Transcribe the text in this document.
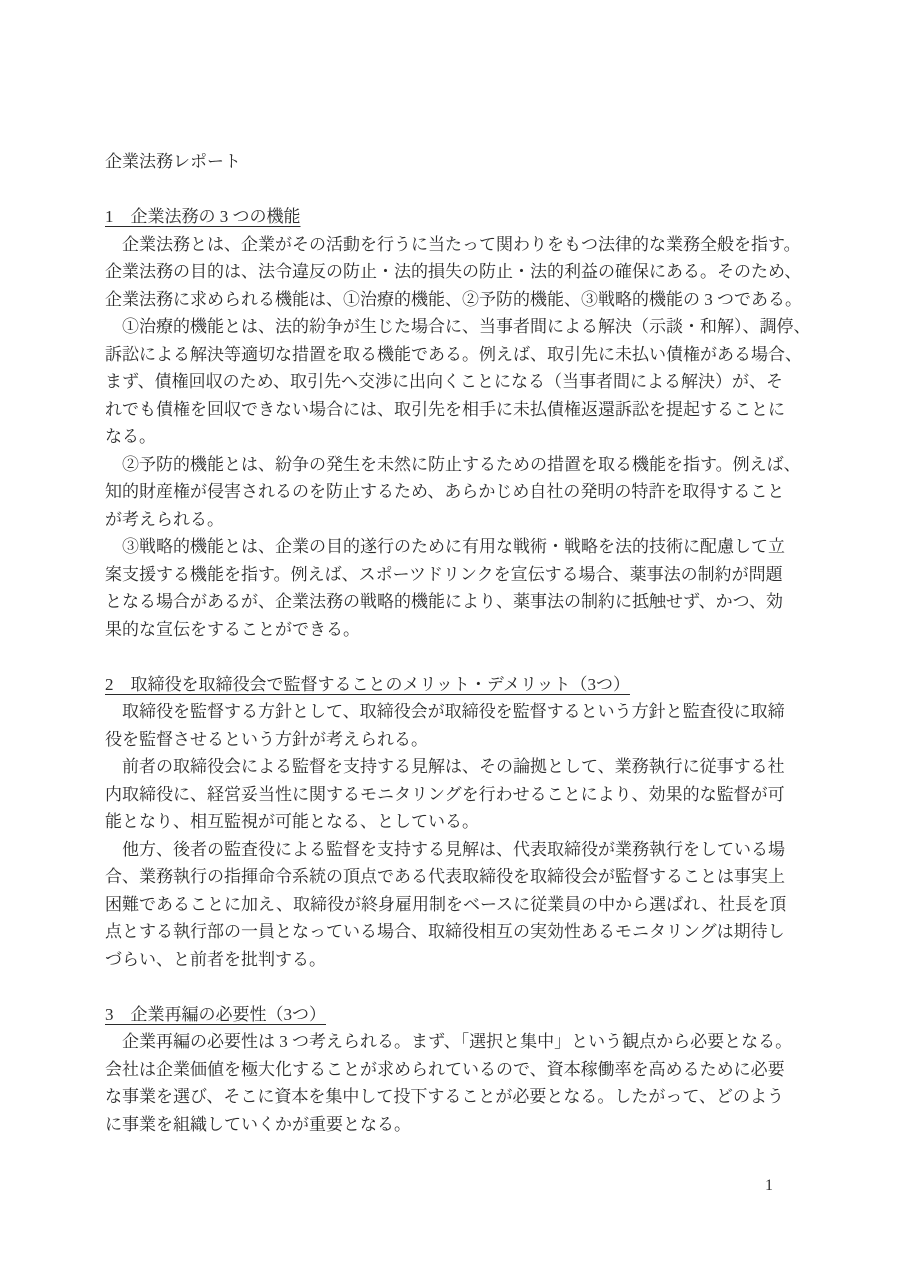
企業法務レポート
1　企業法務の 3 つの機能
　企業法務とは、企業がその活動を行うに当たって関わりをもつ法律的な業務全般を指す。
企業法務の目的は、法令違反の防止・法的損失の防止・法的利益の確保にある。そのため、
企業法務に求められる機能は、①治療的機能、②予防的機能、③戦略的機能の 3 つである。
　①治療的機能とは、法的紛争が生じた場合に、当事者間による解決（示談・和解）、調停、
訴訟による解決等適切な措置を取る機能である。例えば、取引先に未払い債権がある場合、
まず、債権回収のため、取引先へ交渉に出向くことになる（当事者間による解決）が、そ
れでも債権を回収できない場合には、取引先を相手に未払債権返還訴訟を提起することに
なる。
　②予防的機能とは、紛争の発生を未然に防止するための措置を取る機能を指す。例えば、
知的財産権が侵害されるのを防止するため、あらかじめ自社の発明の特許を取得すること
が考えられる。
　③戦略的機能とは、企業の目的遂行のために有用な戦術・戦略を法的技術に配慮して立
案支援する機能を指す。例えば、スポーツドリンクを宣伝する場合、薬事法の制約が問題
となる場合があるが、企業法務の戦略的機能により、薬事法の制約に抵触せず、かつ、効
果的な宣伝をすることができる。
2　取締役を取締役会で監督することのメリット・デメリット（3つ）
　取締役を監督する方針として、取締役会が取締役を監督するという方針と監査役に取締
役を監督させるという方針が考えられる。
　前者の取締役会による監督を支持する見解は、その論拠として、業務執行に従事する社
内取締役に、経営妥当性に関するモニタリングを行わせることにより、効果的な監督が可
能となり、相互監視が可能となる、としている。
　他方、後者の監査役による監督を支持する見解は、代表取締役が業務執行をしている場
合、業務執行の指揮命令系統の頂点である代表取締役を取締役会が監督することは事実上
困難であることに加え、取締役が終身雇用制をベースに従業員の中から選ばれ、社長を頂
点とする執行部の一員となっている場合、取締役相互の実効性あるモニタリングは期待し
づらい、と前者を批判する。
3　企業再編の必要性（3つ）
　企業再編の必要性は 3 つ考えられる。まず、「選択と集中」という観点から必要となる。
会社は企業価値を極大化することが求められているので、資本稼働率を高めるために必要
な事業を選び、そこに資本を集中して投下することが必要となる。したがって、どのよう
に事業を組織していくかが重要となる。
1
